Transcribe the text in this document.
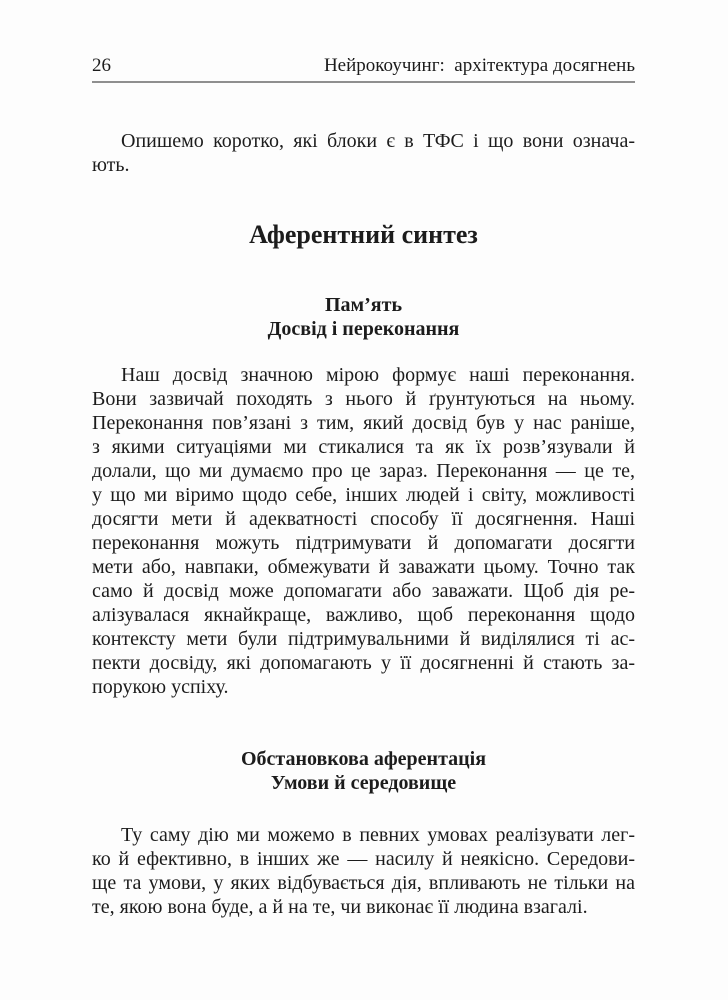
26	Нейрокоучинг:  архітектура досягнень
Опишемо коротко, які блоки є в ТФС і що вони означа-
ють.
Аферентний синтез
Пам’ять
Досвід і переконання
Наш досвід значною мірою формує наші переконання.
Вони зазвичай походять з нього й ґрунтуються на ньому.
Переконання пов’язані з тим, який досвід був у нас раніше,
з якими ситуаціями ми стикалися та як їх розв’язували й
долали, що ми думаємо про це зараз. Переконання — це те,
у що ми віримо щодо себе, інших людей і світу, можливості
досягти мети й адекватності способу її досягнення. Наші
переконання можуть підтримувати й допомагати досягти
мети або, навпаки, обмежувати й заважати цьому. Точно так
само й досвід може допомагати або заважати. Щоб дія ре-
алізувалася якнайкраще, важливо, щоб переконання щодо
контексту мети були підтримувальними й виділялися ті ас-
пекти досвіду, які допомагають у її досягненні й стають за-
порукою успіху.
Обстановкова аферентація
Умови й середовище
Ту саму дію ми можемо в певних умовах реалізувати лег-
ко й ефективно, в інших же — насилу й неякісно. Середови-
ще та умови, у яких відбувається дія, впливають не тільки на
те, якою вона буде, а й на те, чи виконає її людина взагалі.
